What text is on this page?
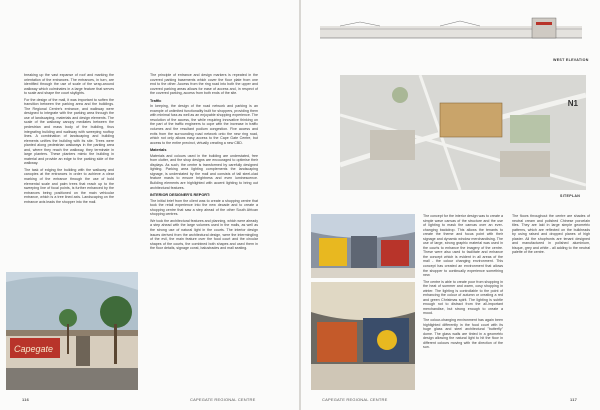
breaking up the vast expanse of roof and marking the orientation of the entrances. The entrances, in turn, are identified through the use of scale of the wrap-around walkway which culminates in a large feature that serves to scale and shape the court skylights.

For the design of the mall, it was important to soften the transition between the parking area and the buildings. The Regional Centre's entrance, and walkway were designed to integrate with the parking area through the use of landscaping, materials and design elements. The scale of the walkway canopy mediates between the pedestrian and mass body of the building, thus integrating building and walkway with sweeping rooftop lines. A combination of landscaping and building elements unifies the building with its site. Trees were planted along pedestrian walkways in the parking area and, where they reach the walkway, they terminate in large planters. These planters mimic the building in material and provide an edge to the parking side of the walkway.

The task of edging the building with the walkway and canopies at the entrances in order to achieve a clear marking of the entrance through the use of bold elemental scale and palm trees that reach up to the sweeping line of focal points, is further enhanced by the entrances being positioned on the main vehicular entrance, which is a tree lined axis. Landscaping on the entrance axis leads the shopper into the mall.

The principle of entrance and design markers is repeated in the covered parking basements which cover the floor plate from one end to the other. Access from the ring road into both the upper and covered parking areas allows for ease of access and, in respect of the covered parking, access from both ends of the site.

Traffic

In keeping, the design of the road network and parking is an example of unlimited functionality built for shoppers, providing them with minimal fuss as well as an enjoyable shopping experience. The resolution of the access, the while requiring innovative thinking on the part of the traffic engineers to cope with the increase in traffic volumes and the resultant podium congestion. Five access and exits from the surrounding road network onto the new ring road, which not only allows easy access to the Cape Gate Centre, but access to the entire precinct, virtually creating a new CBD.

Materials

Materials and colours used in the building are understated, free from clutter, and the shop designs are encouraged to optimise their displays. As such, the centre is transformed by carefully designed lighting. Parking area lighting complements the landscaping signage, is understated by the mall and consists of tall steel-clad feature masts to ensure brightness and even luminescence. Building elements are highlighted with accent lighting to bring out architectural features.

INTERIOR DESIGNER'S REPORT:

The initial brief from the client was to create a shopping centre that took the retail experience into the new decade and to create a shopping centre that saw a step ahead of the other South African shopping centres.

We took the architectural features and planning, which were already a step ahead with the large volumes used in the malls, as well as the strong use of natural light in the courts. The interior design issues derived from the architectural design, were the intermingling of the evil, the main feature over the food court and the circular shapes of the courts, the combined both shapes and used them in the floor details, signage const, balustrades and mall seating.

Capegate
116	CAPEGATE REGIONAL CENTRE
WEST ELEVATION
N1
SITEPLAN

The concept for the interior design was to create a simple wave canvas of the structure and the use of lighting to mask the canvas over an ever-changing backdrop. This allows the tenants to create the theme and focus point with their signage and dynamic window merchandising. The use of large, strong graphic material was used in the courts to enhance the imagery of the centre. These were also used to facilitate and enhance the concept which is evident in all areas of the mall - the colour changing environment. This concept has created an environment that allows the shopper to continually experience something new.

The centre is able to create poor from shopping in the heat of summer and warm, cosy shopping in winter. The lighting is controllable to the point of enhancing the colour of autumn or creating a red and green Christmas spirit. The lighting is subtle enough not to distract from the all-important merchandise, but strong enough to create a mood.

The colour-changing environment has again been highlighted differently in the food court with its huge glass and steel architectural "butterfly" dome. The glass walls are tinted in a geometric design allowing the natural light to hit the floor in different colours moving with the direction of the sun.

The floors throughout the centre are shades of neutral cream and polished Chinese porcelain tiles. They are laid in large simple geometric patterns, which are reflected on the bulkheads by using raised and dropped planes of high plaster. All the shopfronts are tenant designed and manufactured in polished aluminium, bisque, grey and white - all adding to the neutral palette of the centre.

CAPEGATE REGIONAL CENTRE	117
